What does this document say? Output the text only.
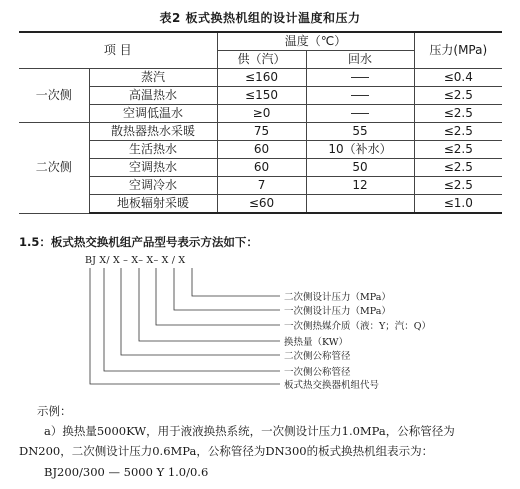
表2 板式换热机组的设计温度和压力
项 目		温度（℃）		压力(MPa)
		供（汽）	回水	
一次侧	蒸汽	≤160		≤0.4
	高温热水	≤150		≤2.5
	空调低温水	≥0		≤2.5
二次侧	散热器热水采暖	75	55	≤2.5
	生活热水	60	10（补水）	≤2.5
	空调热水	60	50	≤2.5
	空调冷水	7	12	≤2.5
	地板辐射采暖	≤60		≤1.0
1.5：板式热交换机组产品型号表示方法如下：
BJ X/ X – X– X– X / X
二次侧设计压力（MPa）
一次侧设计压力（MPa）
一次侧热媒介质（液：Y；汽：Q）
换热量（KW）
二次侧公称管径
一次侧公称管径
板式热交换器机组代号
示例：
a）换热量5000KW，用于液液换热系统，一次侧设计压力1.0MPa，公称管径为
DN200，二次侧设计压力0.6MPa，公称管径为DN300的板式换热机组表示为：
BJ200/300 — 5000 Y 1.0/0.6
